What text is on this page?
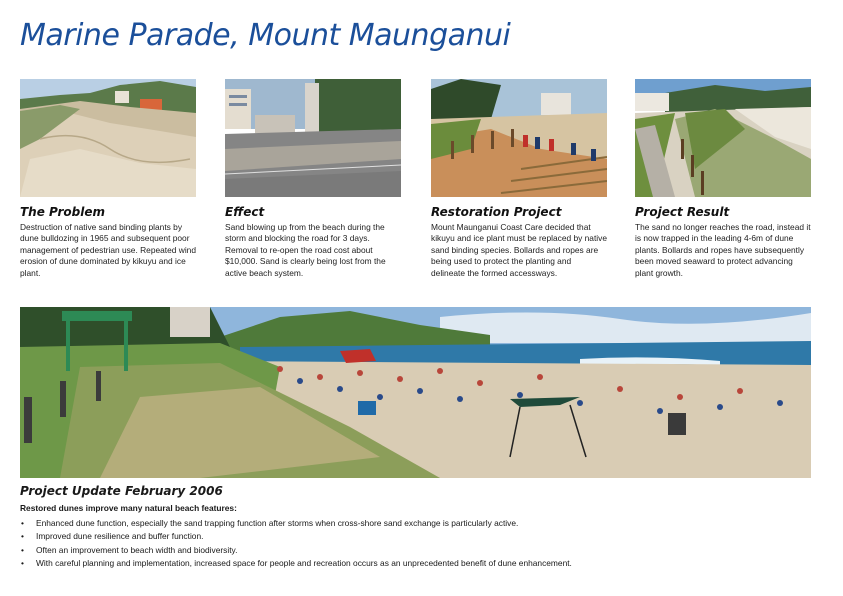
Marine Parade, Mount Maunganui
The Problem

Destruction of native sand binding plants by dune bulldozing in 1965 and subsequent poor management of pedestrian use. Repeated wind erosion of dune dominated by kikuyu and ice plant.

Effect

Sand blowing up from the beach during the storm and blocking the road for 3 days. Removal to re-open the road cost about $10,000. Sand is clearly being lost from the active beach system.

Restoration Project

Mount Maunganui Coast Care decided that kikuyu and ice plant must be replaced by native sand binding species. Bollards and ropes are being used to protect the planting and delineate the formed accessways.

Project Result

The sand no longer reaches the road, instead it is now trapped in the leading 4-6m of dune plants. Bollards and ropes have subsequently been moved seaward to protect advancing plant growth.

Project Update February 2006
Restored dunes improve many natural beach features:
• Enhanced dune function, especially the sand trapping function after storms when cross-shore sand exchange is particularly active.
• Improved dune resilience and buffer function.
• Often an improvement to beach width and biodiversity.
• With careful planning and implementation, increased space for people and recreation occurs as an unprecedented benefit of dune enhancement.
